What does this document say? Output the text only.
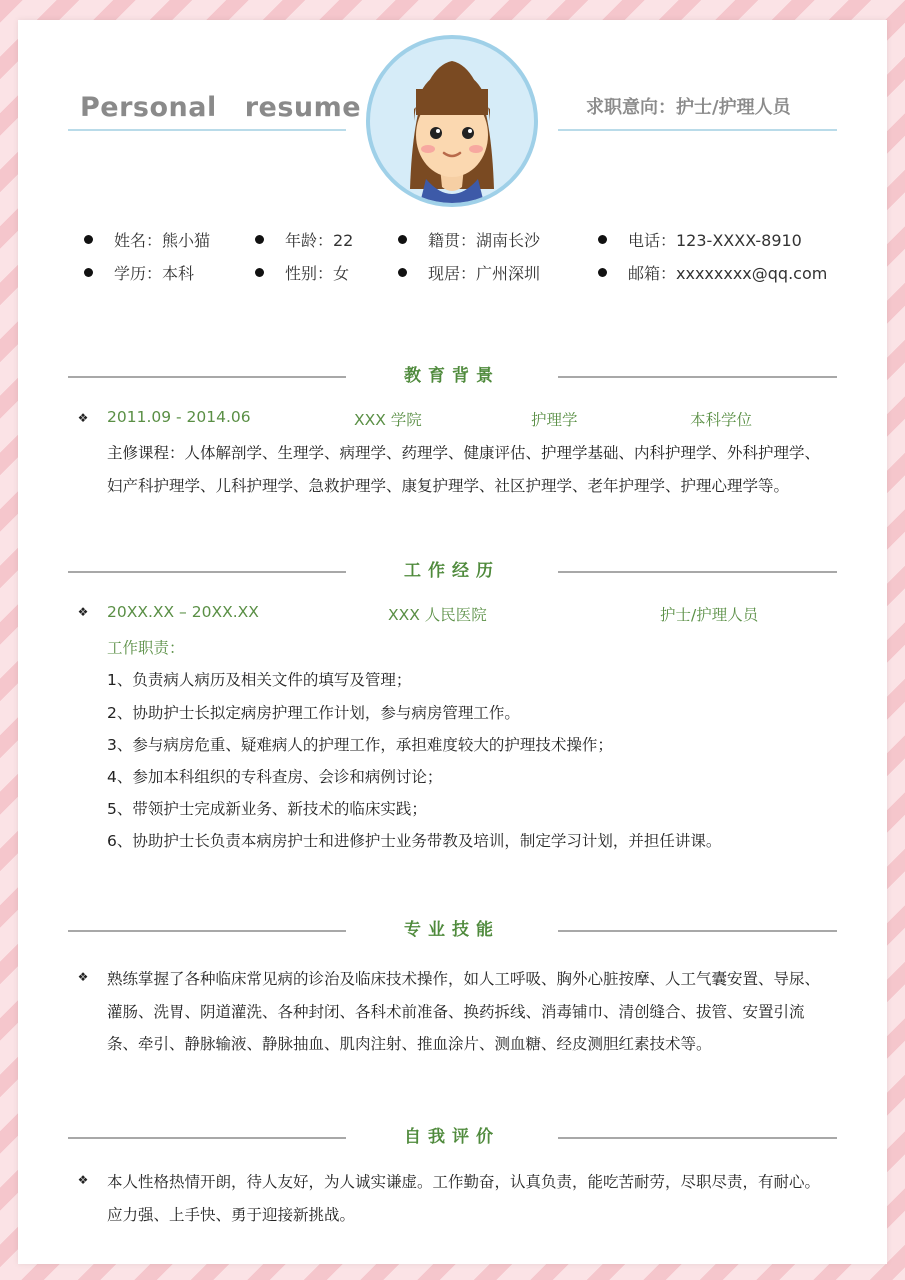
Personal resume	求职意向：护士/护理人员
姓名：熊小猫	年龄：22	籍贯：湖南长沙	电话：123-XXXX-8910
学历：本科	性别：女	现居：广州深圳	邮箱：xxxxxxxx@qq.com
教育背景
❖ 2011.09 - 2014.06	XXX 学院	护理学	本科学位
主修课程：人体解剖学、生理学、病理学、药理学、健康评估、护理学基础、内科护理学、外科护理学、
妇产科护理学、儿科护理学、急救护理学、康复护理学、社区护理学、老年护理学、护理心理学等。
工作经历
❖ 20XX.XX – 20XX.XX	XXX 人民医院	护士/护理人员
工作职责：
1、负责病人病历及相关文件的填写及管理；
2、协助护士长拟定病房护理工作计划，参与病房管理工作。
3、参与病房危重、疑难病人的护理工作，承担难度较大的护理技术操作；
4、参加本科组织的专科查房、会诊和病例讨论；
5、带领护士完成新业务、新技术的临床实践；
6、协助护士长负责本病房护士和进修护士业务带教及培训，制定学习计划，并担任讲课。
专业技能
❖ 熟练掌握了各种临床常见病的诊治及临床技术操作，如人工呼吸、胸外心脏按摩、人工气囊安置、导尿、
灌肠、洗胃、阴道灌洗、各种封闭、各科术前准备、换药拆线、消毒铺巾、清创缝合、拔管、安置引流
条、牵引、静脉输液、静脉抽血、肌肉注射、推血涂片、测血糖、经皮测胆红素技术等。
自我评价
❖ 本人性格热情开朗，待人友好，为人诚实谦虚。工作勤奋，认真负责，能吃苦耐劳，尽职尽责，有耐心。
应力强、上手快、勇于迎接新挑战。
